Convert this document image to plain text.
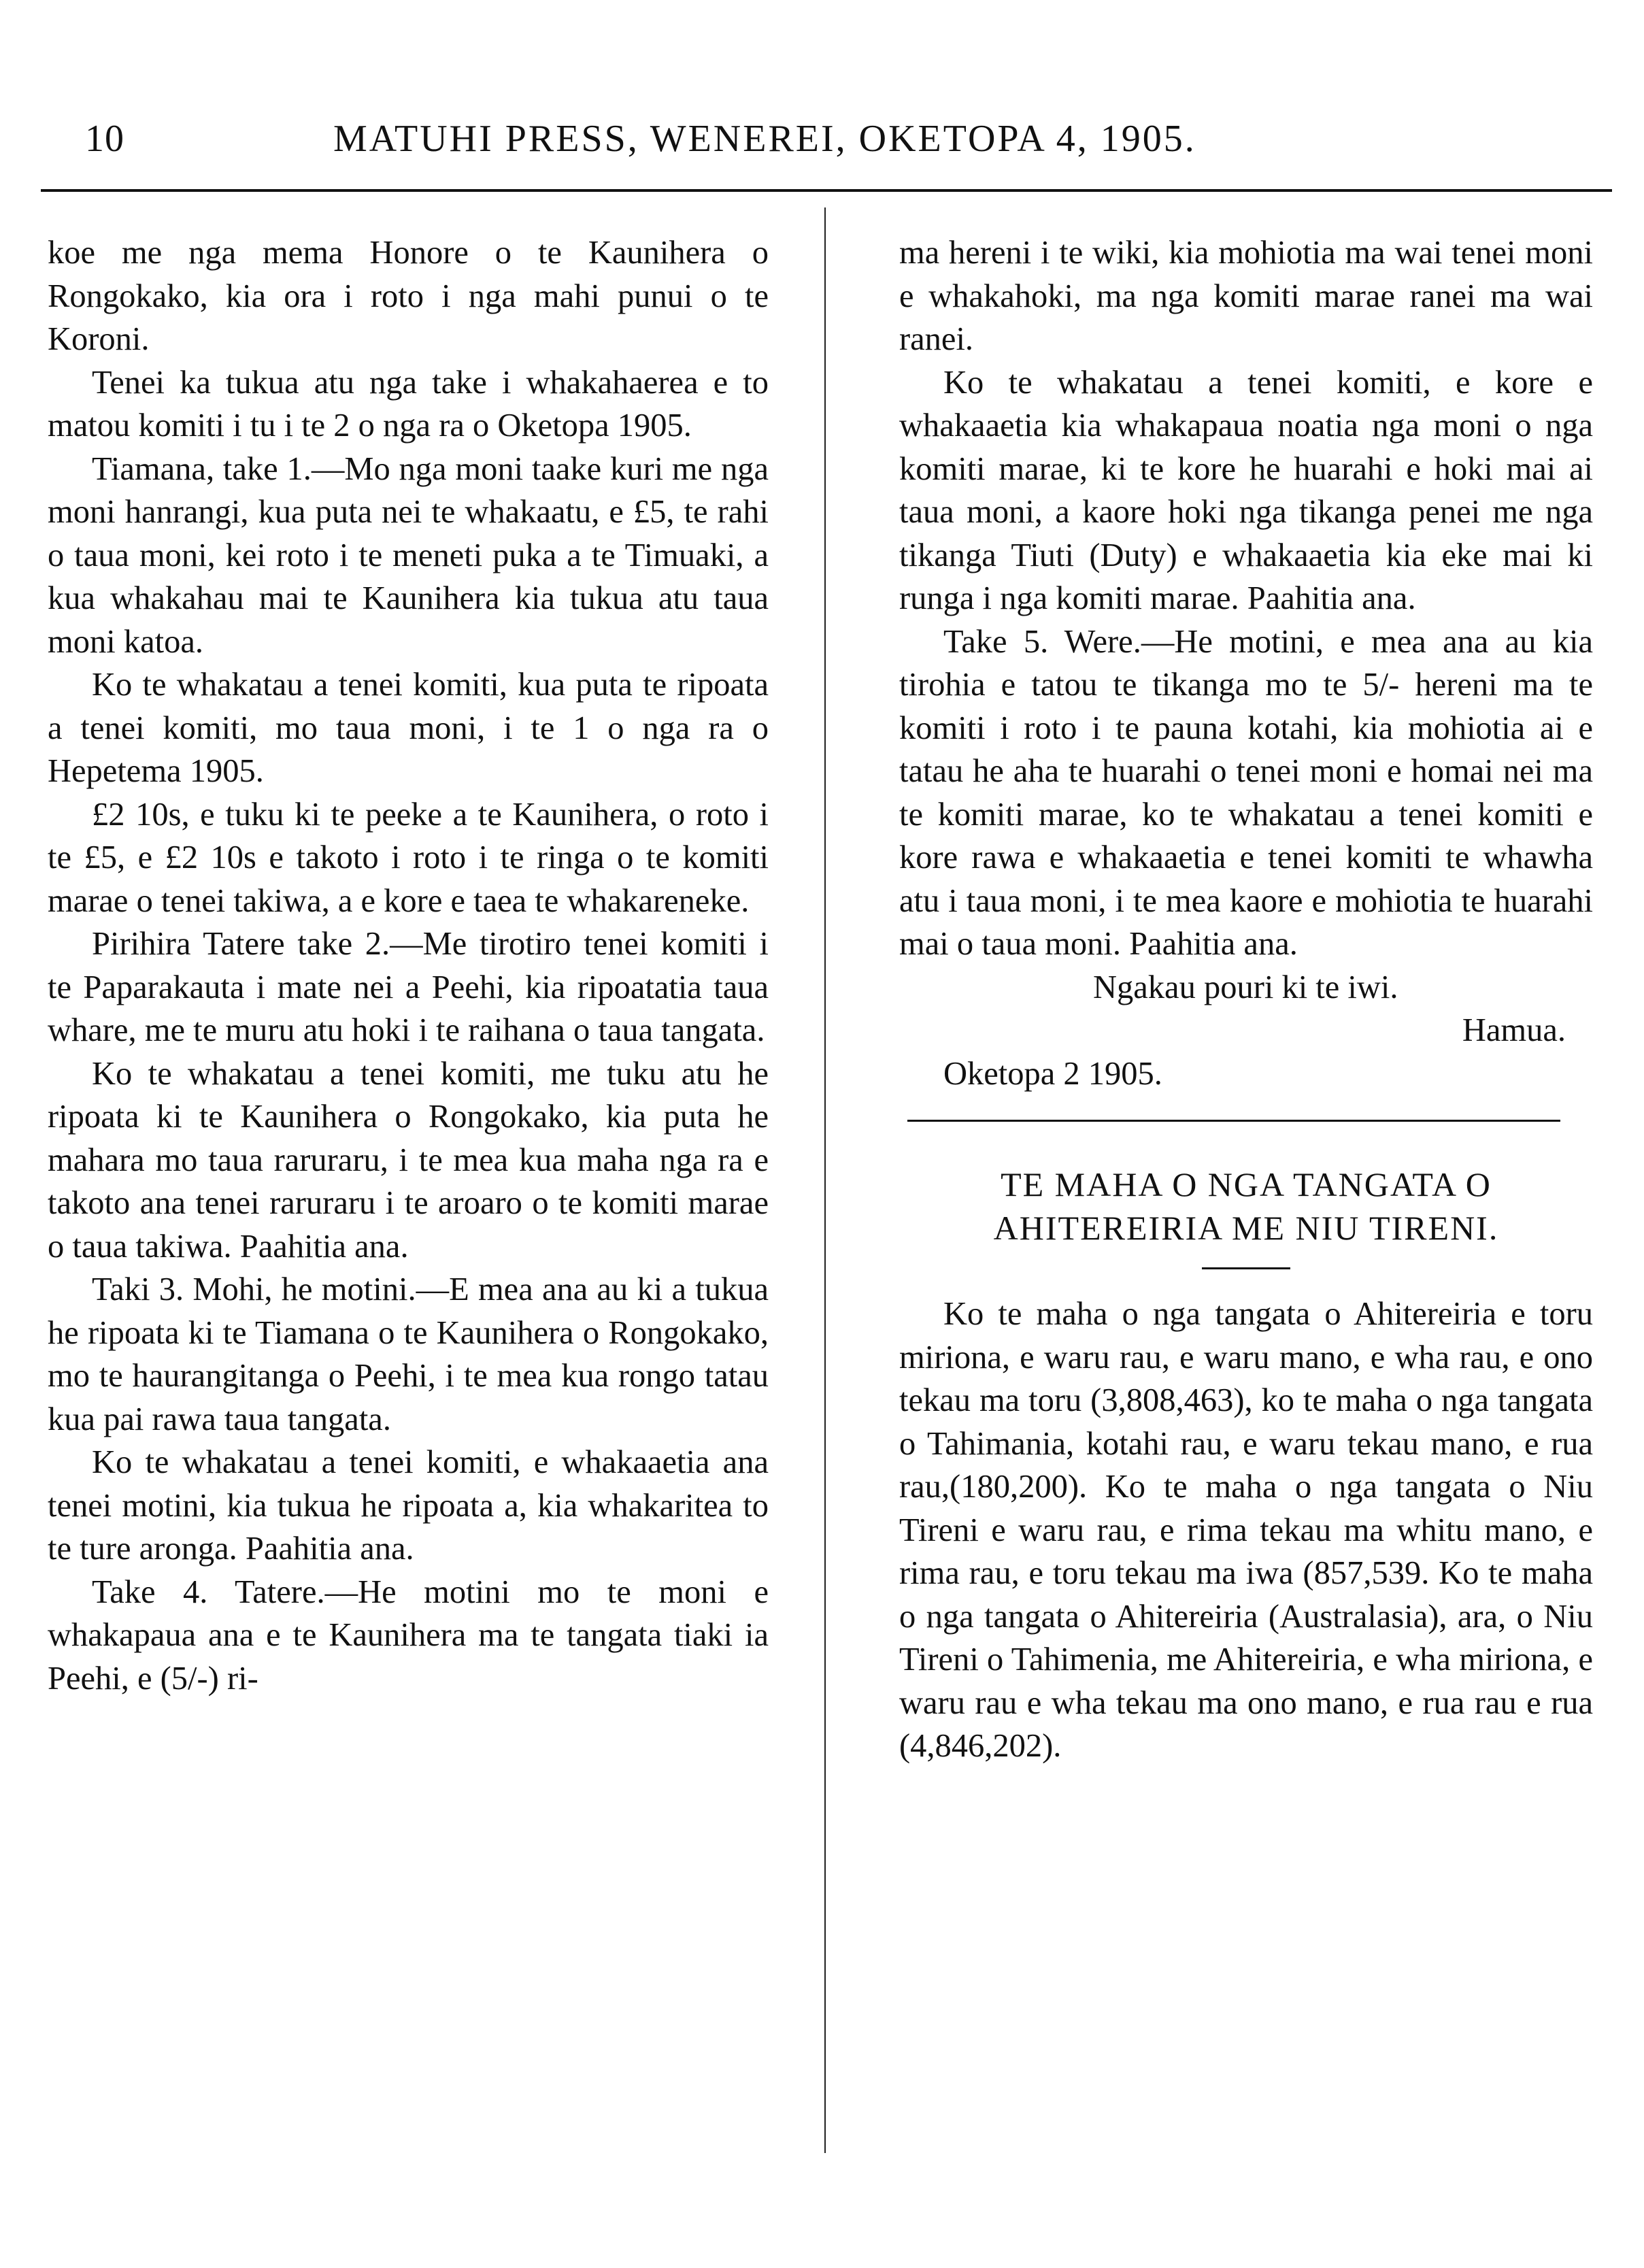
10	MATUHI PRESS, WENEREI, OKETOPA 4, 1905.

koe me nga mema Honore o te Kaunihera o Rongokako, kia ora i roto i nga mahi punui o te Koroni.

Tenei ka tukua atu nga take i whakahaerea e to matou komiti i tu i te 2 o nga ra o Oketopa 1905.

Tiamana, take 1.—Mo nga moni taake kuri me nga moni hanrangi, kua puta nei te whakaatu, e £5, te rahi o taua moni, kei roto i te meneti puka a te Timuaki, a kua whakahau mai te Kaunihera kia tukua atu taua moni katoa.

Ko te whakatau a tenei komiti, kua puta te ripoata a tenei komiti, mo taua moni, i te 1 o nga ra o Hepetema 1905.

£2 10s, e tuku ki te peeke a te Kaunihera, o roto i te £5, e £2 10s e takoto i roto i te ringa o te komiti marae o tenei takiwa, a e kore e taea te whakareneke.

Pirihira Tatere take 2.—Me tirotiro tenei komiti i te Paparakauta i mate nei a Peehi, kia ripoatatia taua whare, me te muru atu hoki i te raihana o taua tangata.

Ko te whakatau a tenei komiti, me tuku atu he ripoata ki te Kaunihera o Rongokako, kia puta he mahara mo taua raruraru, i te mea kua maha nga ra e takoto ana tenei raruraru i te aroaro o te komiti marae o taua takiwa. Paahitia ana.

Taki 3. Mohi, he motini.—E mea ana au ki a tukua he ripoata ki te Tiamana o te Kaunihera o Rongokako, mo te haurangitanga o Peehi, i te mea kua rongo tatau kua pai rawa taua tangata.

Ko te whakatau a tenei komiti, e whakaaetia ana tenei motini, kia tukua he ripoata a, kia whakaritea to te ture aronga. Paahitia ana.

Take 4. Tatere.—He motini mo te moni e whakapaua ana e te Kaunihera ma te tangata tiaki ia Peehi, e (5/-) ri-

ma hereni i te wiki, kia mohiotia ma wai tenei moni e whakahoki, ma nga komiti marae ranei ma wai ranei.

Ko te whakatau a tenei komiti, e kore e whakaaetia kia whakapaua noatia nga moni o nga komiti marae, ki te kore he huarahi e hoki mai ai taua moni, a kaore hoki nga tikanga penei me nga tikanga Tiuti (Duty) e whakaaetia kia eke mai ki runga i nga komiti marae. Paahitia ana.

Take 5. Were.—He motini, e mea ana au kia tirohia e tatou te tikanga mo te 5/- hereni ma te komiti i roto i te pauna kotahi, kia mohiotia ai e tatau he aha te huarahi o tenei moni e homai nei ma te komiti marae, ko te whakatau a tenei komiti e kore rawa e whakaaetia e tenei komiti te whawha atu i taua moni, i te mea kaore e mohiotia te huarahi mai o taua moni. Paahitia ana.

Ngakau pouri ki te iwi.

Hamua.

Oketopa 2 1905.

TE MAHA O NGA TANGATA O AHITEREIRIA ME NIU TIRENI.

Ko te maha o nga tangata o Ahitereiria e toru miriona, e waru rau, e waru mano, e wha rau, e ono tekau ma toru (3,808,463), ko te maha o nga tangata o Tahimania, kotahi rau, e waru tekau mano, e rua rau,(180,200). Ko te maha o nga tangata o Niu Tireni e waru rau, e rima tekau ma whitu mano, e rima rau, e toru tekau ma iwa (857,539. Ko te maha o nga tangata o Ahitereiria (Australasia), ara, o Niu Tireni o Tahimenia, me Ahitereiria, e wha miriona, e waru rau e wha tekau ma ono mano, e rua rau e rua (4,846,202).
